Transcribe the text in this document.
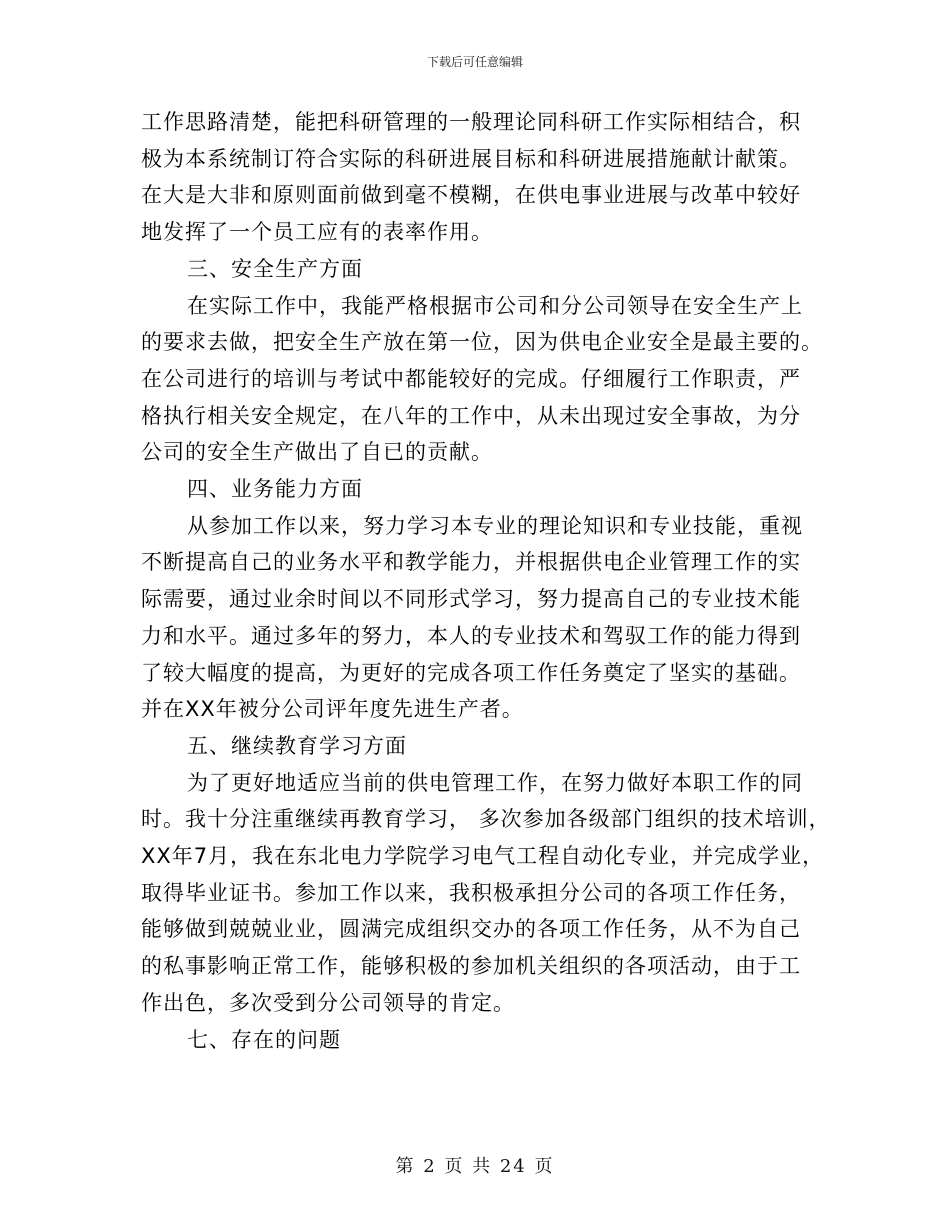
下载后可任意编辑
工作思路清楚，能把科研管理的一般理论同科研工作实际相结合，积
极为本系统制订符合实际的科研进展目标和科研进展措施献计献策。
在大是大非和原则面前做到毫不模糊，在供电事业进展与改革中较好
地发挥了一个员工应有的表率作用。
三、安全生产方面
在实际工作中，我能严格根据市公司和分公司领导在安全生产上
的要求去做，把安全生产放在第一位，因为供电企业安全是最主要的。
在公司进行的培训与考试中都能较好的完成。仔细履行工作职责，严
格执行相关安全规定，在八年的工作中，从未出现过安全事故，为分
公司的安全生产做出了自已的贡献。
四、业务能力方面
从参加工作以来，努力学习本专业的理论知识和专业技能，重视
不断提高自己的业务水平和教学能力，并根据供电企业管理工作的实
际需要，通过业余时间以不同形式学习，努力提高自己的专业技术能
力和水平。通过多年的努力，本人的专业技术和驾驭工作的能力得到
了较大幅度的提高，为更好的完成各项工作任务奠定了坚实的基础。
并在XX年被分公司评年度先进生产者。
五、继续教育学习方面
为了更好地适应当前的供电管理工作，在努力做好本职工作的同
时。我十分注重继续再教育学习， 多次参加各级部门组织的技术培训，
XX年7月，我在东北电力学院学习电气工程自动化专业，并完成学业，
取得毕业证书。参加工作以来，我积极承担分公司的各项工作任务，
能够做到兢兢业业，圆满完成组织交办的各项工作任务，从不为自己
的私事影响正常工作，能够积极的参加机关组织的各项活动，由于工
作出色，多次受到分公司领导的肯定。
七、存在的问题
第 2 页 共 24 页
